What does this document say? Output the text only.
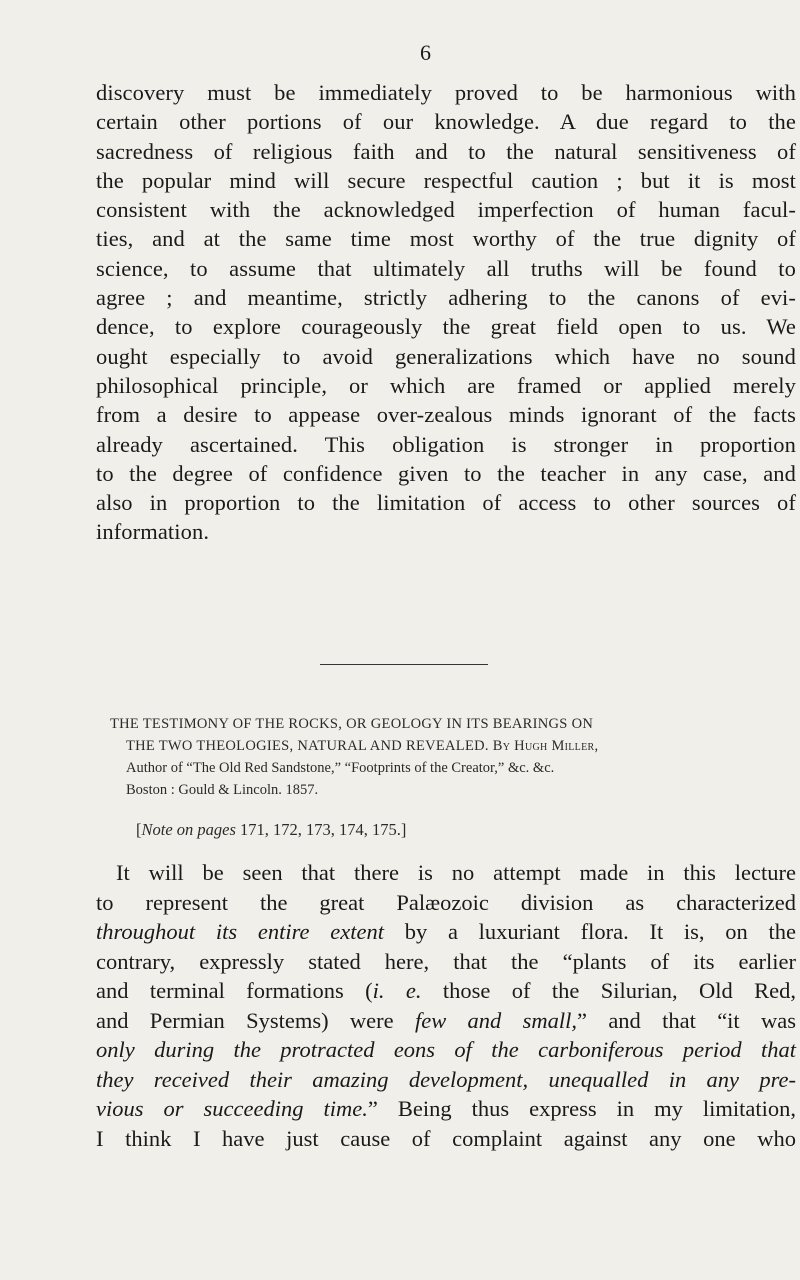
6
discovery must be immediately proved to be harmonious with
certain other portions of our knowledge. A due regard to the
sacredness of religious faith and to the natural sensitiveness of
the popular mind will secure respectful caution ; but it is most
consistent with the acknowledged imperfection of human facul-
ties, and at the same time most worthy of the true dignity of
science, to assume that ultimately all truths will be found to
agree ; and meantime, strictly adhering to the canons of evi-
dence, to explore courageously the great field open to us. We
ought especially to avoid generalizations which have no sound
philosophical principle, or which are framed or applied merely
from a desire to appease over-zealous minds ignorant of the facts
already ascertained. This obligation is stronger in proportion
to the degree of confidence given to the teacher in any case, and
also in proportion to the limitation of access to other sources of
information.
THE TESTIMONY OF THE ROCKS, OR GEOLOGY IN ITS BEARINGS ON
THE TWO THEOLOGIES, NATURAL AND REVEALED. By Hugh Miller,
Author of “The Old Red Sandstone,” “Footprints of the Creator,” &c. &c.
Boston : Gould & Lincoln. 1857.
[Note on pages 171, 172, 173, 174, 175.]
It will be seen that there is no attempt made in this lecture
to represent the great Palæozoic division as characterized
throughout its entire extent by a luxuriant flora. It is, on the
contrary, expressly stated here, that the “plants of its earlier
and terminal formations (i. e. those of the Silurian, Old Red,
and Permian Systems) were few and small,” and that “it was
only during the protracted eons of the carboniferous period that
they received their amazing development, unequalled in any pre-
vious or succeeding time.” Being thus express in my limitation,
I think I have just cause of complaint against any one who
